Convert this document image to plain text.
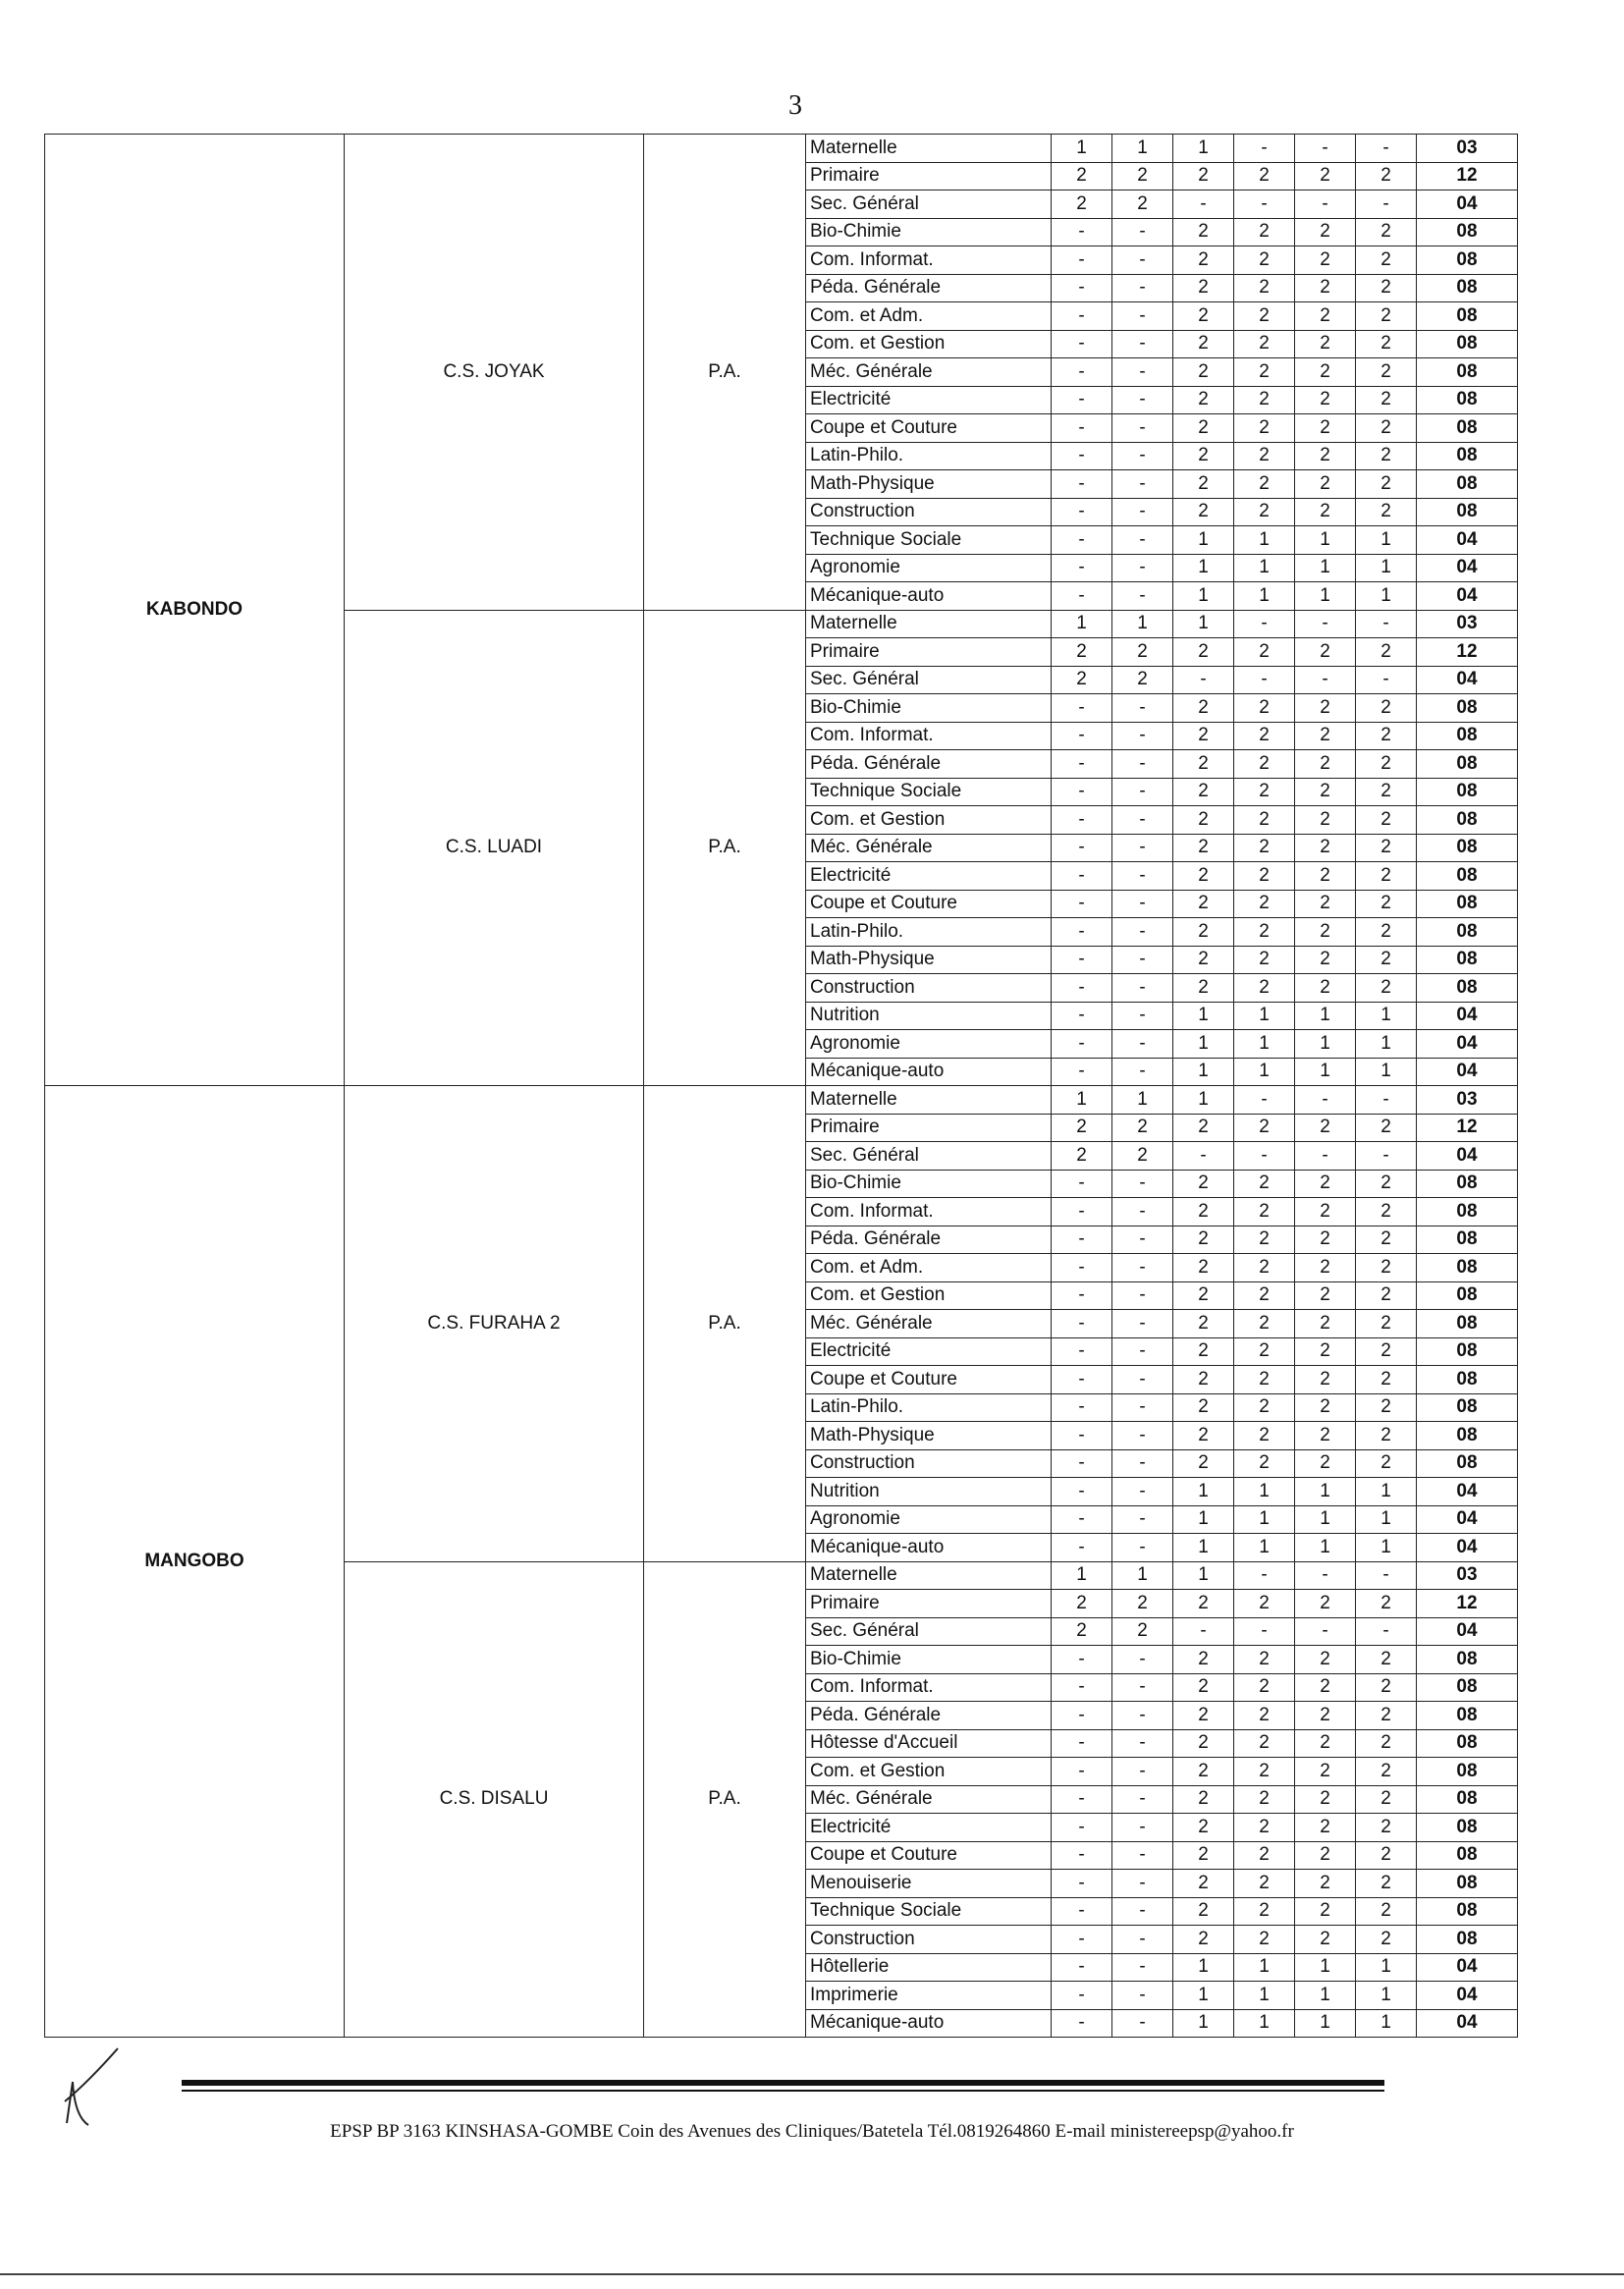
3
KABONDO	C.S. JOYAK	P.A.	Maternelle	1	1	1	-	-	-	03
			Primaire	2	2	2	2	2	2	12
			Sec. Général	2	2	-	-	-	-	04
			Bio-Chimie	-	-	2	2	2	2	08
			Com. Informat.	-	-	2	2	2	2	08
			Péda. Générale	-	-	2	2	2	2	08
			Com. et Adm.	-	-	2	2	2	2	08
			Com. et Gestion	-	-	2	2	2	2	08
			Méc. Générale	-	-	2	2	2	2	08
			Electricité	-	-	2	2	2	2	08
			Coupe et Couture	-	-	2	2	2	2	08
			Latin-Philo.	-	-	2	2	2	2	08
			Math-Physique	-	-	2	2	2	2	08
			Construction	-	-	2	2	2	2	08
			Technique Sociale	-	-	1	1	1	1	04
			Agronomie	-	-	1	1	1	1	04
			Mécanique-auto	-	-	1	1	1	1	04
	C.S. LUADI	P.A.	Maternelle	1	1	1	-	-	-	03
			Primaire	2	2	2	2	2	2	12
			Sec. Général	2	2	-	-	-	-	04
			Bio-Chimie	-	-	2	2	2	2	08
			Com. Informat.	-	-	2	2	2	2	08
			Péda. Générale	-	-	2	2	2	2	08
			Technique Sociale	-	-	2	2	2	2	08
			Com. et Gestion	-	-	2	2	2	2	08
			Méc. Générale	-	-	2	2	2	2	08
			Electricité	-	-	2	2	2	2	08
			Coupe et Couture	-	-	2	2	2	2	08
			Latin-Philo.	-	-	2	2	2	2	08
			Math-Physique	-	-	2	2	2	2	08
			Construction	-	-	2	2	2	2	08
			Nutrition	-	-	1	1	1	1	04
			Agronomie	-	-	1	1	1	1	04
			Mécanique-auto	-	-	1	1	1	1	04
MANGOBO	C.S. FURAHA 2	P.A.	Maternelle	1	1	1	-	-	-	03
			Primaire	2	2	2	2	2	2	12
			Sec. Général	2	2	-	-	-	-	04
			Bio-Chimie	-	-	2	2	2	2	08
			Com. Informat.	-	-	2	2	2	2	08
			Péda. Générale	-	-	2	2	2	2	08
			Com. et Adm.	-	-	2	2	2	2	08
			Com. et Gestion	-	-	2	2	2	2	08
			Méc. Générale	-	-	2	2	2	2	08
			Electricité	-	-	2	2	2	2	08
			Coupe et Couture	-	-	2	2	2	2	08
			Latin-Philo.	-	-	2	2	2	2	08
			Math-Physique	-	-	2	2	2	2	08
			Construction	-	-	2	2	2	2	08
			Nutrition	-	-	1	1	1	1	04
			Agronomie	-	-	1	1	1	1	04
			Mécanique-auto	-	-	1	1	1	1	04
	C.S. DISALU	P.A.	Maternelle	1	1	1	-	-	-	03
			Primaire	2	2	2	2	2	2	12
			Sec. Général	2	2	-	-	-	-	04
			Bio-Chimie	-	-	2	2	2	2	08
			Com. Informat.	-	-	2	2	2	2	08
			Péda. Générale	-	-	2	2	2	2	08
			Hôtesse d'Accueil	-	-	2	2	2	2	08
			Com. et Gestion	-	-	2	2	2	2	08
			Méc. Générale	-	-	2	2	2	2	08
			Electricité	-	-	2	2	2	2	08
			Coupe et Couture	-	-	2	2	2	2	08
			Menouiserie	-	-	2	2	2	2	08
			Technique Sociale	-	-	2	2	2	2	08
			Construction	-	-	2	2	2	2	08
			Hôtellerie	-	-	1	1	1	1	04
			Imprimerie	-	-	1	1	1	1	04
			Mécanique-auto	-	-	1	1	1	1	04
EPSP BP 3163 KINSHASA-GOMBE Coin des Avenues des Cliniques/Batetela Tél.0819264860 E-mail ministereepsp@yahoo.fr
